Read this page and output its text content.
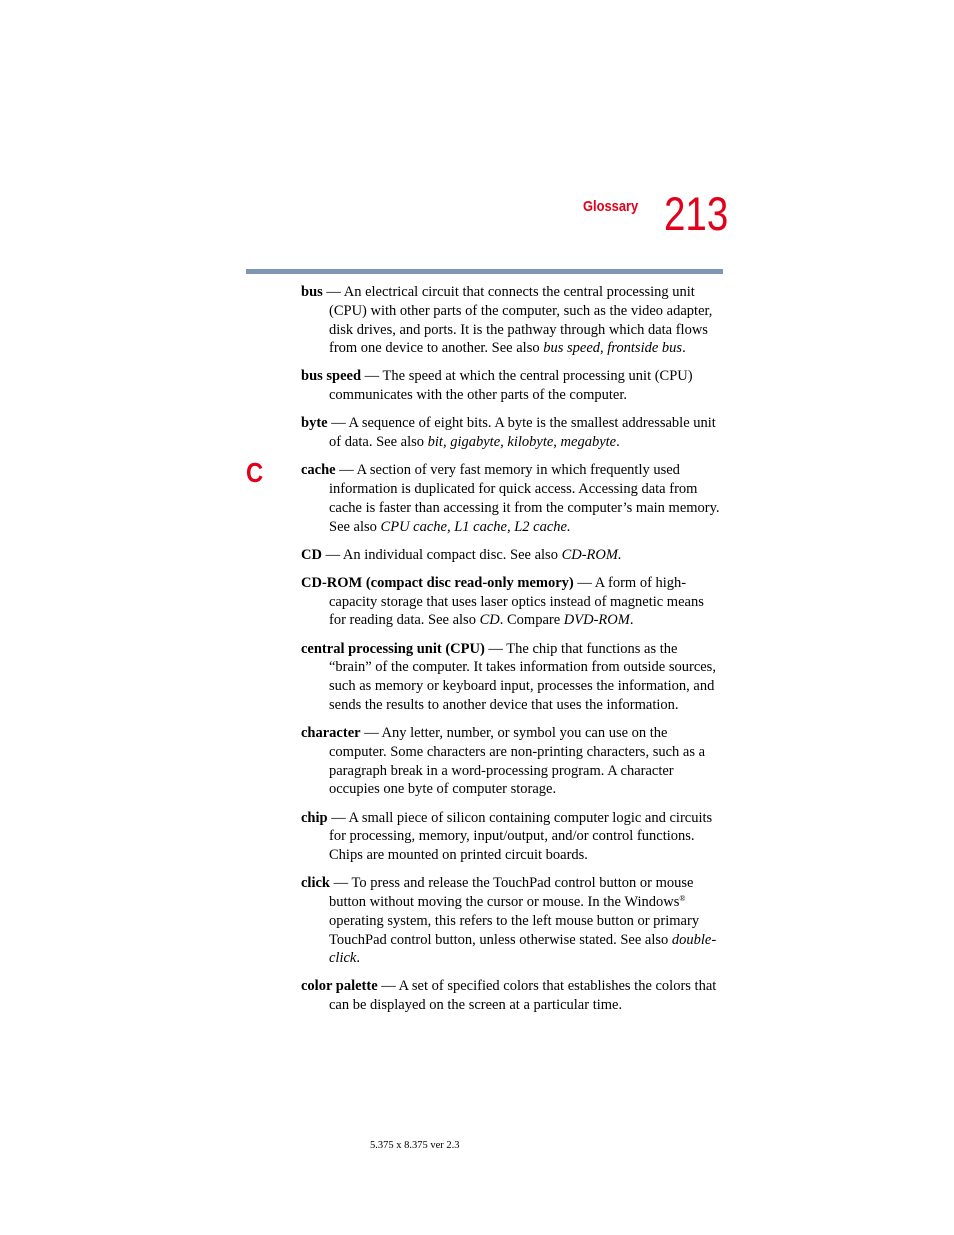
Glossary 213
C

bus — An electrical circuit that connects the central processing unit (CPU) with other parts of the computer, such as the video adapter, disk drives, and ports. It is the pathway through which data flows from one device to another. See also bus speed, frontside bus.

bus speed — The speed at which the central processing unit (CPU) communicates with the other parts of the computer.

byte — A sequence of eight bits. A byte is the smallest addressable unit of data. See also bit, gigabyte, kilobyte, megabyte.

cache — A section of very fast memory in which frequently used information is duplicated for quick access. Accessing data from cache is faster than accessing it from the computer’s main memory. See also CPU cache, L1 cache, L2 cache.

CD — An individual compact disc. See also CD-ROM.

CD-ROM (compact disc read-only memory) — A form of high-capacity storage that uses laser optics instead of magnetic means for reading data. See also CD. Compare DVD-ROM.

central processing unit (CPU) — The chip that functions as the “brain” of the computer. It takes information from outside sources, such as memory or keyboard input, processes the information, and sends the results to another device that uses the information.

character — Any letter, number, or symbol you can use on the computer. Some characters are non-printing characters, such as a paragraph break in a word-processing program. A character occupies one byte of computer storage.

chip — A small piece of silicon containing computer logic and circuits for processing, memory, input/output, and/or control functions. Chips are mounted on printed circuit boards.

click — To press and release the TouchPad control button or mouse button without moving the cursor or mouse. In the Windows® operating system, this refers to the left mouse button or primary TouchPad control button, unless otherwise stated. See also double-click.

color palette — A set of specified colors that establishes the colors that can be displayed on the screen at a particular time.

5.375 x 8.375 ver 2.3
